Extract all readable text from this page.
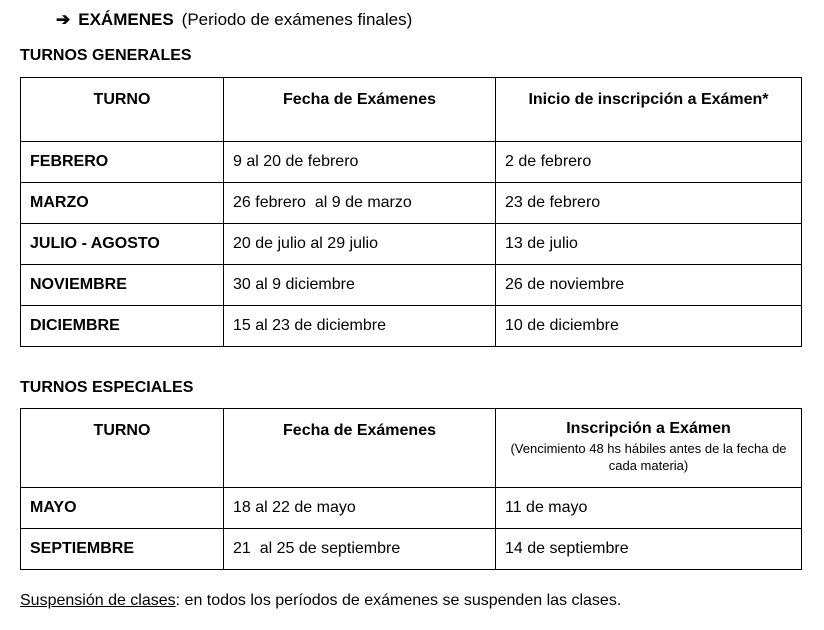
➔ EXÁMENES (Periodo de exámenes finales)
TURNOS GENERALES
TURNO	Fecha de Exámenes	Inicio de inscripción a Exámen*
FEBRERO	9 al 20 de febrero	2 de febrero
MARZO	26 febrero  al 9 de marzo	23 de febrero
JULIO - AGOSTO	20 de julio al 29 julio	13 de julio
NOVIEMBRE	30 al 9 diciembre	26 de noviembre
DICIEMBRE	15 al 23 de diciembre	10 de diciembre
TURNOS ESPECIALES
TURNO	Fecha de Exámenes	Inscripción a Exámen
(Vencimiento 48 hs hábiles antes de la fecha de cada materia)

MAYO	18 al 22 de mayo	11 de mayo
SEPTIEMBRE	21  al 25 de septiembre	14 de septiembre
Suspensión de clases: en todos los períodos de exámenes se suspenden las clases.
